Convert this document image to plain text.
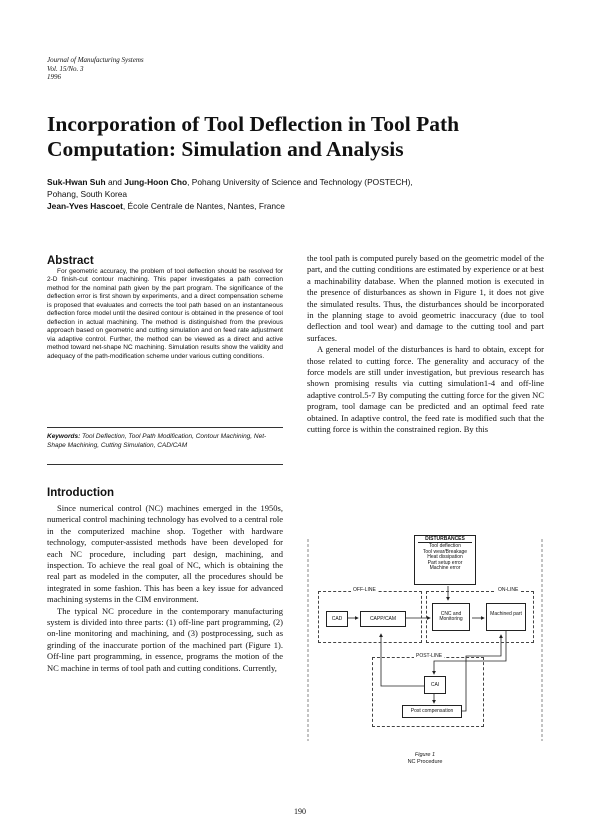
Journal of Manufacturing Systems
Vol. 15/No. 3
1996
Incorporation of Tool Deflection in Tool Path
Computation: Simulation and Analysis
Suk-Hwan Suh and Jung-Hoon Cho, Pohang University of Science and Technology (POSTECH),
Pohang, South Korea
Jean-Yves Hascoet, École Centrale de Nantes, Nantes, France
Abstract

For geometric accuracy, the problem of tool deflection should be resolved for 2-D finish-cut contour machining. This paper investigates a path correction method for the nominal path given by the part program. The significance of the deflection error is first shown by experiments, and a direct compensation scheme is proposed that evaluates and corrects the tool path based on an instantaneous deflection force model until the desired contour is obtained in the presence of tool deflection in actual machining. The method is distinguished from the previous approach based on geometric and cutting simulation and on feed rate adjustment via adaptive control. Further, the method can be viewed as a direct and active method toward net-shape NC machining. Simulation results show the validity and adequacy of the path-modification scheme under various cutting conditions.

Keywords: Tool Deflection, Tool Path Modification, Contour Machining, Net-Shape Machining, Cutting Simulation, CAD/CAM

Introduction

Since numerical control (NC) machines emerged in the 1950s, numerical control machining technology has evolved to a central role in the computerized machine shop. Together with hardware technology, computer-assisted methods have been developed for each NC procedure, including part design, machining, and inspection. To achieve the real goal of NC, which is obtaining the real part as modeled in the computer, all the procedures should be integrated in some fashion. This has been a key issue for advanced machining systems in the CIM environment.

The typical NC procedure in the contemporary manufacturing system is divided into three parts: (1) off-line part programming, (2) on-line monitoring and machining, and (3) postprocessing, such as grinding of the inaccurate portion of the machined part (Figure 1). Off-line part programming, in essence, programs the motion of the NC machine in terms of tool path and cutting conditions. Currently,

the tool path is computed purely based on the geometric model of the part, and the cutting conditions are estimated by experience or at best a machinability database. When the planned motion is executed in the presence of disturbances as shown in Figure 1, it does not give the simulated results. Thus, the disturbances should be incorporated in the planning stage to avoid geometric inaccuracy (due to tool deflection and tool wear) and damage to the cutting tool and part surfaces.

A general model of the disturbances is hard to obtain, except for those related to cutting force. The generality and accuracy of the force models are still under investigation, but previous research has shown promising results via cutting simulation1-4 and off-line adaptive control.5-7 By computing the cutting force for the given NC program, tool damage can be predicted and an optimal feed rate obtained. In adaptive control, the feed rate is modified such that the cutting force is within the constrained region. By this

DISTURBANCES
Tool deflection
Tool wear/Breakage
Heat dissipation
Part setup error
Machine error
OFF-LINE	ON-LINE
CAD	CAPP/CAM
CNC and Monitoring
Machined part
POST-LINE
CAI
Post compensation
Figure 1
NC Procedure
190
